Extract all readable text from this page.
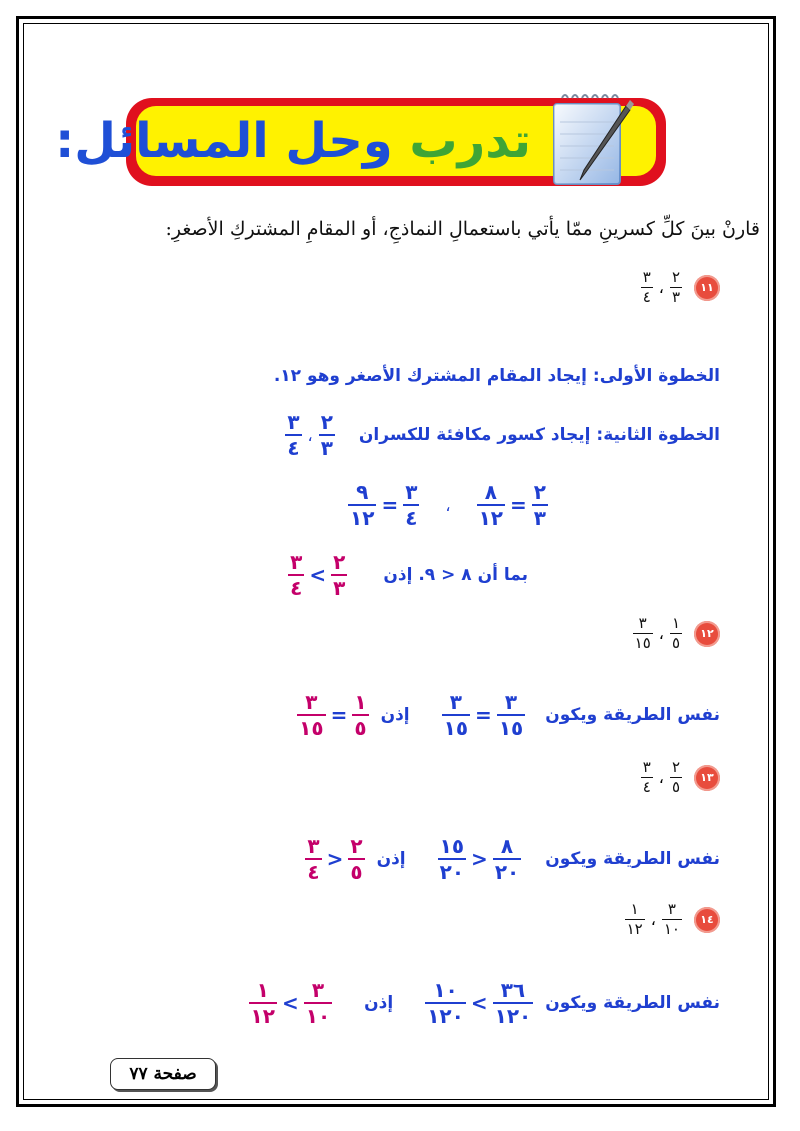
تدرب وحل المسائل:
قارنْ بينَ كلِّ كسرينِ ممّا يأتي باستعمالِ النماذجِ، أو المقامِ المشتركِ الأصغرِ:
١١
$\frac{٢}{٣}$
،
$\frac{٣}{٤}$
الخطوة الأولى: إيجاد المقام المشترك الأصغر وهو ١٢.
الخطوة الثانية: إيجاد كسور مكافئة للكسران
$\frac{٢}{٣}$
،
$\frac{٣}{٤}$
$\frac{٢}{٣}$
=
$\frac{٨}{١٢}$
،
$\frac{٣}{٤}$
=
$\frac{٩}{١٢}$
بما أن ٨ < ٩. إذن
$\frac{٢}{٣}$
>
$\frac{٣}{٤}$
١٢
$\frac{١}{٥}$
،
$\frac{٣}{١٥}$
نفس الطريقة ويكون
$\frac{٣}{١٥}$
=
$\frac{٣}{١٥}$
إذن
$\frac{١}{٥}$
=
$\frac{٣}{١٥}$
١٣
$\frac{٢}{٥}$
،
$\frac{٣}{٤}$
نفس الطريقة ويكون
$\frac{٨}{٢٠}$
<
$\frac{١٥}{٢٠}$
إذن
$\frac{٢}{٥}$
<
$\frac{٣}{٤}$
١٤
$\frac{٣}{١٠}$
،
$\frac{١}{١٢}$
نفس الطريقة ويكون
$\frac{٣٦}{١٢٠}$
>
$\frac{١٠}{١٢٠}$
إذن
$\frac{٣}{١٠}$
>
$\frac{١}{١٢}$
صفحة ٧٧
